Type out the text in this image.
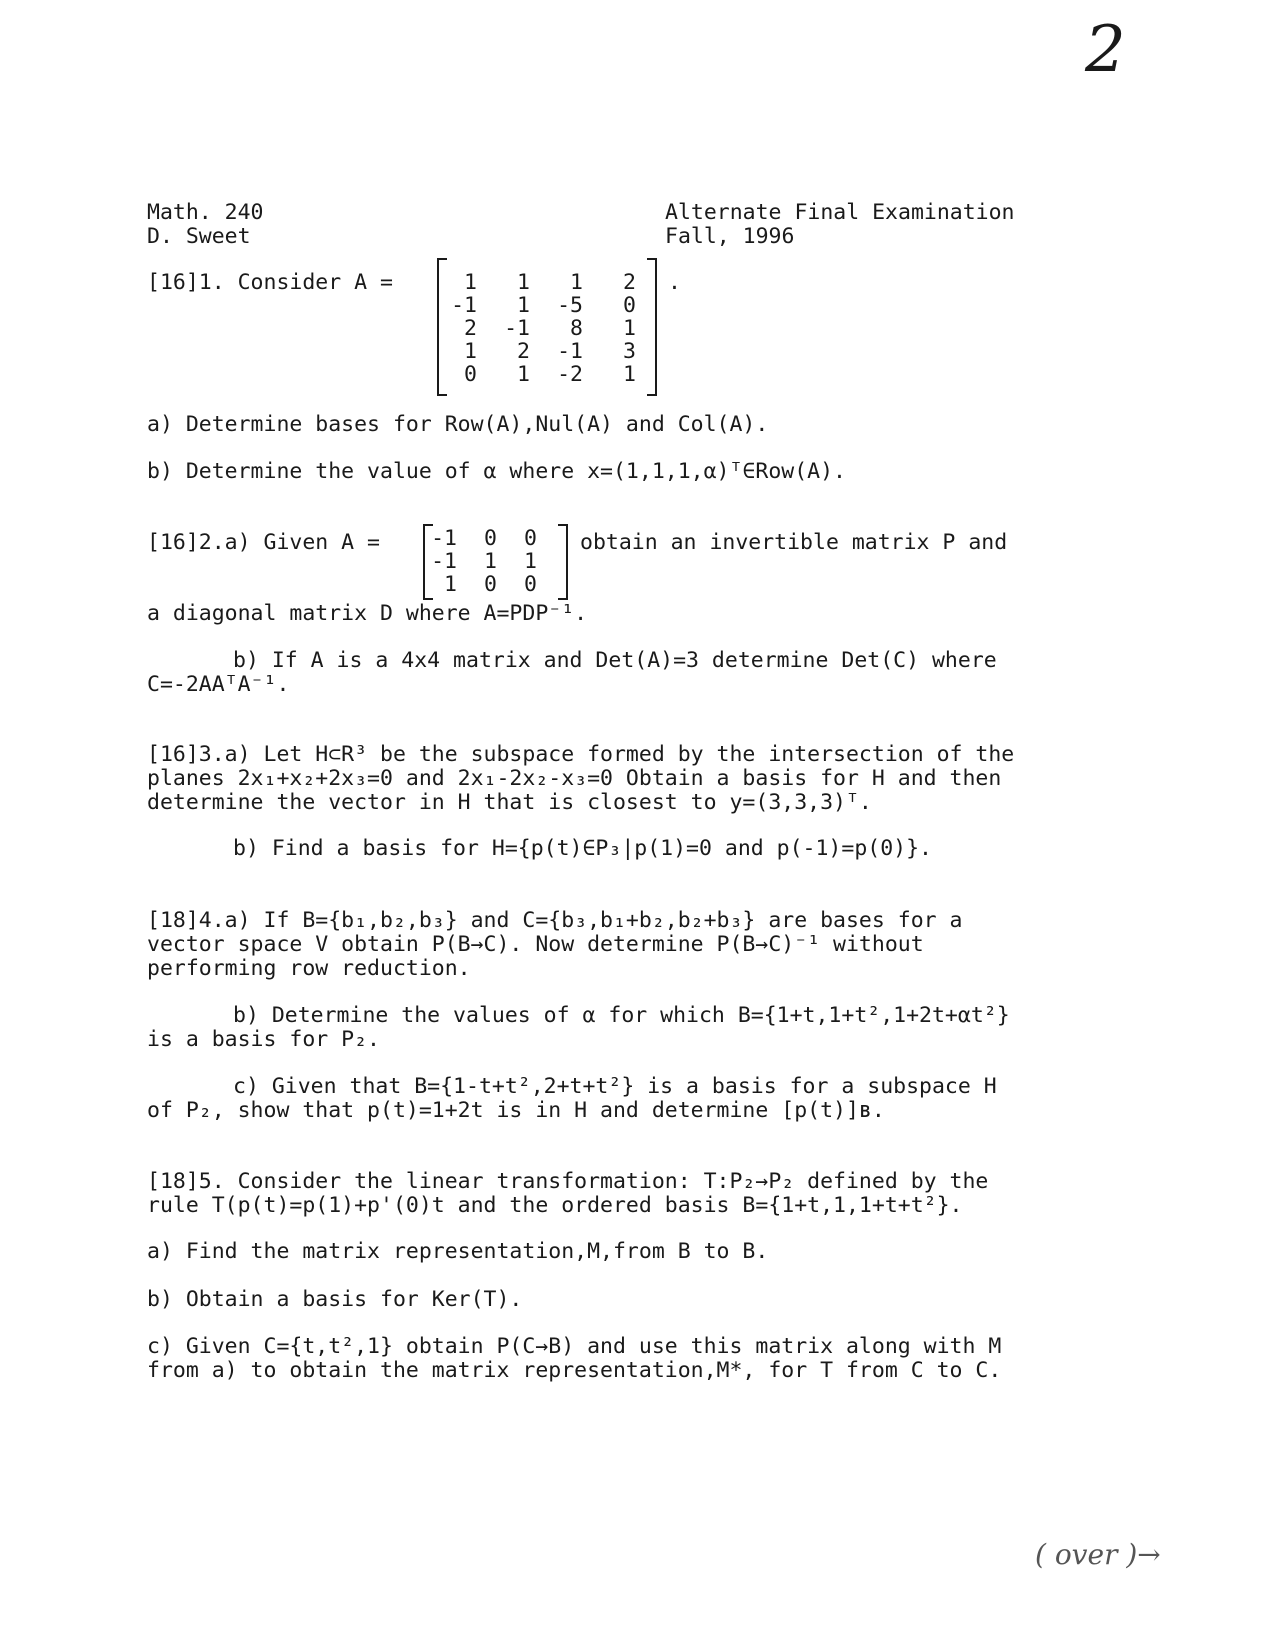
2
Math. 240
D. Sweet
Alternate Final Examination
Fall, 1996
[16]1. Consider A =	1	1	1	2
-1	1	-5	0
2	-1	8	1
1	2	-1	3
0	1	-2	1
.
a) Determine bases for Row(A),Nul(A) and Col(A).
b) Determine the value of α where x=(1,1,1,α)ᵀ∈Row(A).
[16]2.a) Given A =	-1	0	0
-1	1	1
1	0	0
obtain an invertible matrix P and
a diagonal matrix D where A=PDP⁻¹.
b) If A is a 4x4 matrix and Det(A)=3 determine Det(C) where
C=-2AAᵀA⁻¹.
[16]3.a) Let H⊂R³ be the subspace formed by the intersection of the
planes 2x₁+x₂+2x₃=0 and 2x₁-2x₂-x₃=0 Obtain a basis for H and then
determine the vector in H that is closest to y=(3,3,3)ᵀ.
b) Find a basis for H={p(t)∈P₃|p(1)=0 and p(-1)=p(0)}.
[18]4.a) If B={b₁,b₂,b₃} and C={b₃,b₁+b₂,b₂+b₃} are bases for a
vector space V obtain P(B→C). Now determine P(B→C)⁻¹ without
performing row reduction.
b) Determine the values of α for which B={1+t,1+t²,1+2t+αt²}
is a basis for P₂.
c) Given that B={1-t+t²,2+t+t²} is a basis for a subspace H
of P₂, show that p(t)=1+2t is in H and determine [p(t)]ʙ.
[18]5. Consider the linear transformation: T:P₂→P₂ defined by the
rule T(p(t)=p(1)+p'(0)t and the ordered basis B={1+t,1,1+t+t²}.
a) Find the matrix representation,M,from B to B.
b) Obtain a basis for Ker(T).
c) Given C={t,t²,1} obtain P(C→B) and use this matrix along with M
from a) to obtain the matrix representation,M*, for T from C to C.
( over )→
